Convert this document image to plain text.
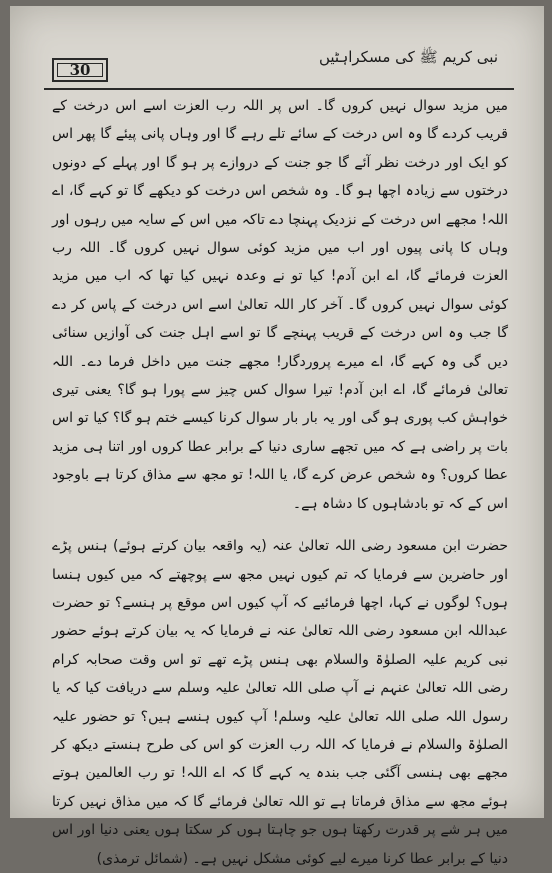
30
نبی کریم ﷺ کی مسکراہٹیں

میں مزید سوال نہیں کروں گا۔ اس پر اللہ رب العزت اسے اس درخت کے قریب کردے گا وہ اس درخت کے سائے تلے رہے گا اور وہاں پانی پیئے گا پھر اس کو ایک اور درخت نظر آئے گا جو جنت کے دروازے پر ہو گا اور پہلے کے دونوں درختوں سے زیادہ اچھا ہو گا۔ وہ شخص اس درخت کو دیکھے گا تو کہے گا، اے اللہ! مجھے اس درخت کے نزدیک پہنچا دے تاکہ میں اس کے سایہ میں رہوں اور وہاں کا پانی پیوں اور اب میں مزید کوئی سوال نہیں کروں گا۔ اللہ رب العزت فرمائے گا، اے ابن آدم! کیا تو نے وعدہ نہیں کیا تھا کہ اب میں مزید کوئی سوال نہیں کروں گا۔ آخر کار اللہ تعالیٰ اسے اس درخت کے پاس کر دے گا جب وہ اس درخت کے قریب پہنچے گا تو اسے اہل جنت کی آوازیں سنائی دیں گی وہ کہے گا، اے میرے پروردگار! مجھے جنت میں داخل فرما دے۔ اللہ تعالیٰ فرمائے گا، اے ابن آدم! تیرا سوال کس چیز سے پورا ہو گا؟ یعنی تیری خواہش کب پوری ہو گی اور یہ بار بار سوال کرنا کیسے ختم ہو گا؟ کیا تو اس بات پر راضی ہے کہ میں تجھے ساری دنیا کے برابر عطا کروں اور اتنا ہی مزید عطا کروں؟ وہ شخص عرض کرے گا، یا اللہ! تو مجھ سے مذاق کرتا ہے باوجود اس کے کہ تو بادشاہوں کا دشاہ ہے۔

حضرت ابن مسعود رضی اللہ تعالیٰ عنہ (یہ واقعہ بیان کرتے ہوئے) ہنس پڑے اور حاضرین سے فرمایا کہ تم کیوں نہیں مجھ سے پوچھتے کہ میں کیوں ہنسا ہوں؟ لوگوں نے کہا، اچھا فرمائیے کہ آپ کیوں اس موقع پر ہنسے؟ تو حضرت عبداللہ ابن مسعود رضی اللہ تعالیٰ عنہ نے فرمایا کہ یہ بیان کرتے ہوئے حضور نبی کریم علیہ الصلوٰۃ والسلام بھی ہنس پڑے تھے تو اس وقت صحابہ کرام رضی اللہ تعالیٰ عنہم نے آپ صلی اللہ تعالیٰ علیہ وسلم سے دریافت کیا کہ یا رسول اللہ صلی اللہ تعالیٰ علیہ وسلم! آپ کیوں ہنسے ہیں؟ تو حضور علیہ الصلوٰۃ والسلام نے فرمایا کہ اللہ رب العزت کو اس کی طرح ہنستے دیکھ کر مجھے بھی ہنسی آگئی جب بندہ یہ کہے گا کہ اے اللہ! تو رب العالمین ہوتے ہوئے مجھ سے مذاق فرماتا ہے تو اللہ تعالیٰ فرمائے گا کہ میں مذاق نہیں کرتا میں ہر شے پر قدرت رکھتا ہوں جو چاہتا ہوں کر سکتا ہوں یعنی دنیا اور اس دنیا کے برابر عطا کرنا میرے لیے کوئی مشکل نہیں ہے۔ (شمائل ترمذی)
